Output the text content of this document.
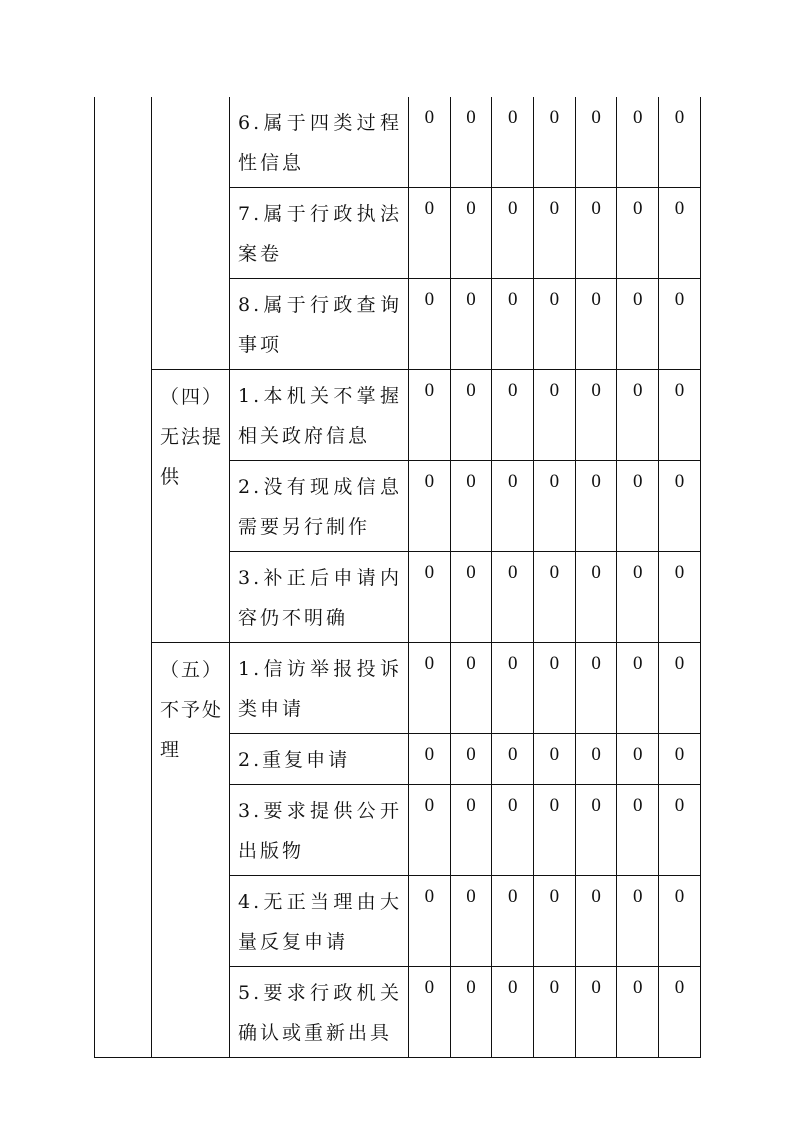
		6.属于四类过程性信息	0	0	0	0	0	0	0

		7.属于行政执法案卷	0	0	0	0	0	0	0

		8.属于行政查询事项	0	0	0	0	0	0	0

	（四）无法提供	1.本机关不掌握相关政府信息	0	0	0	0	0	0	0

		2.没有现成信息需要另行制作	0	0	0	0	0	0	0

		3.补正后申请内容仍不明确	0	0	0	0	0	0	0

	（五）不予处理	1.信访举报投诉类申请	0	0	0	0	0	0	0

		2.重复申请	0	0	0	0	0	0	0

		3.要求提供公开出版物	0	0	0	0	0	0	0

		4.无正当理由大量反复申请	0	0	0	0	0	0	0

		5.要求行政机关确认或重新出具	0	0	0	0	0	0	0
